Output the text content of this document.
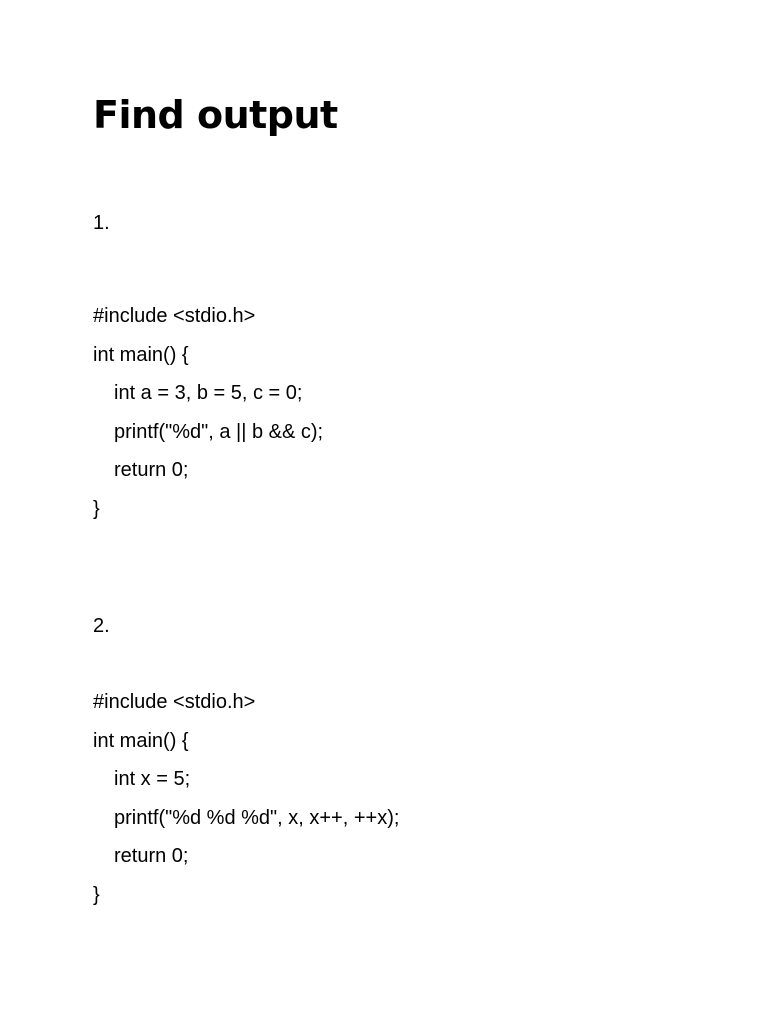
Find output
1.
#include <stdio.h>
int main() {
int a = 3, b = 5, c = 0;
printf("%d", a || b && c);
return 0;
}
2.
#include <stdio.h>
int main() {
int x = 5;
printf("%d %d %d", x, x++, ++x);
return 0;
}
